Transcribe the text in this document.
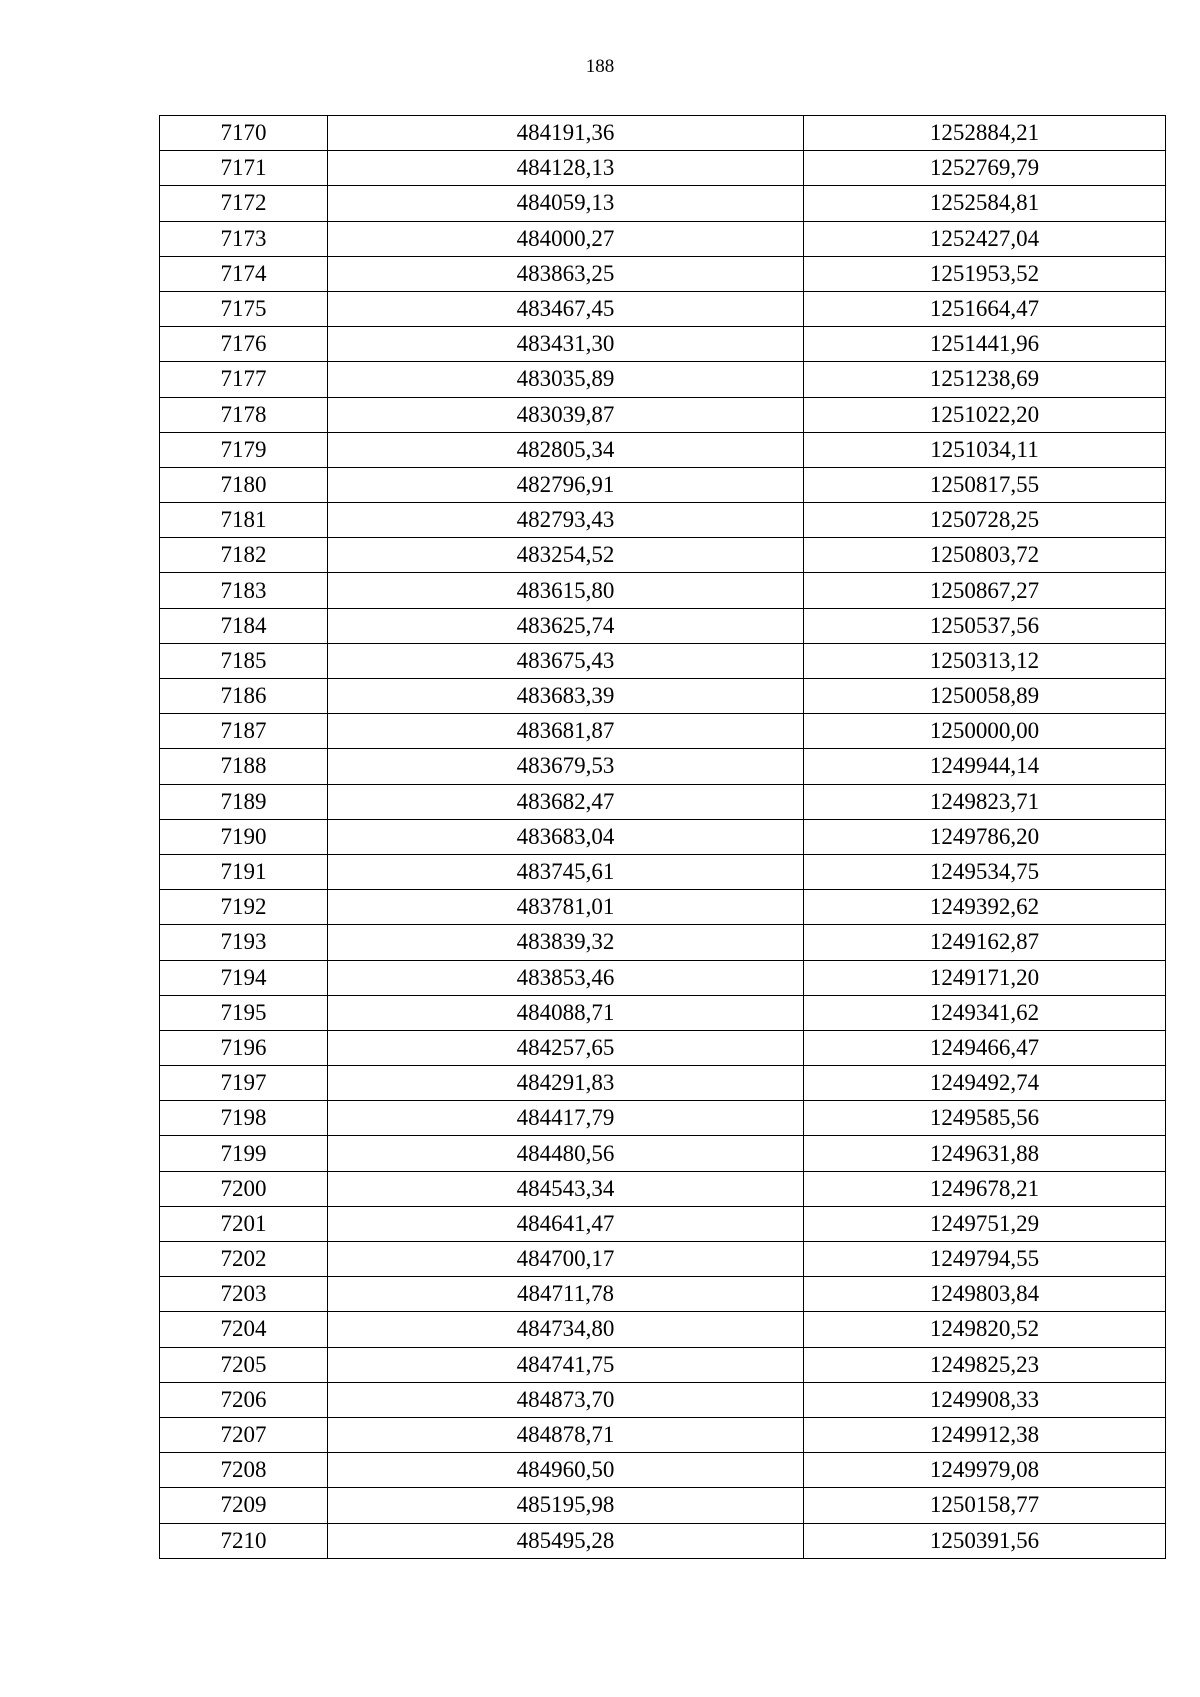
188
7170	484191,36	1252884,21
7171	484128,13	1252769,79
7172	484059,13	1252584,81
7173	484000,27	1252427,04
7174	483863,25	1251953,52
7175	483467,45	1251664,47
7176	483431,30	1251441,96
7177	483035,89	1251238,69
7178	483039,87	1251022,20
7179	482805,34	1251034,11
7180	482796,91	1250817,55
7181	482793,43	1250728,25
7182	483254,52	1250803,72
7183	483615,80	1250867,27
7184	483625,74	1250537,56
7185	483675,43	1250313,12
7186	483683,39	1250058,89
7187	483681,87	1250000,00
7188	483679,53	1249944,14
7189	483682,47	1249823,71
7190	483683,04	1249786,20
7191	483745,61	1249534,75
7192	483781,01	1249392,62
7193	483839,32	1249162,87
7194	483853,46	1249171,20
7195	484088,71	1249341,62
7196	484257,65	1249466,47
7197	484291,83	1249492,74
7198	484417,79	1249585,56
7199	484480,56	1249631,88
7200	484543,34	1249678,21
7201	484641,47	1249751,29
7202	484700,17	1249794,55
7203	484711,78	1249803,84
7204	484734,80	1249820,52
7205	484741,75	1249825,23
7206	484873,70	1249908,33
7207	484878,71	1249912,38
7208	484960,50	1249979,08
7209	485195,98	1250158,77
7210	485495,28	1250391,56
